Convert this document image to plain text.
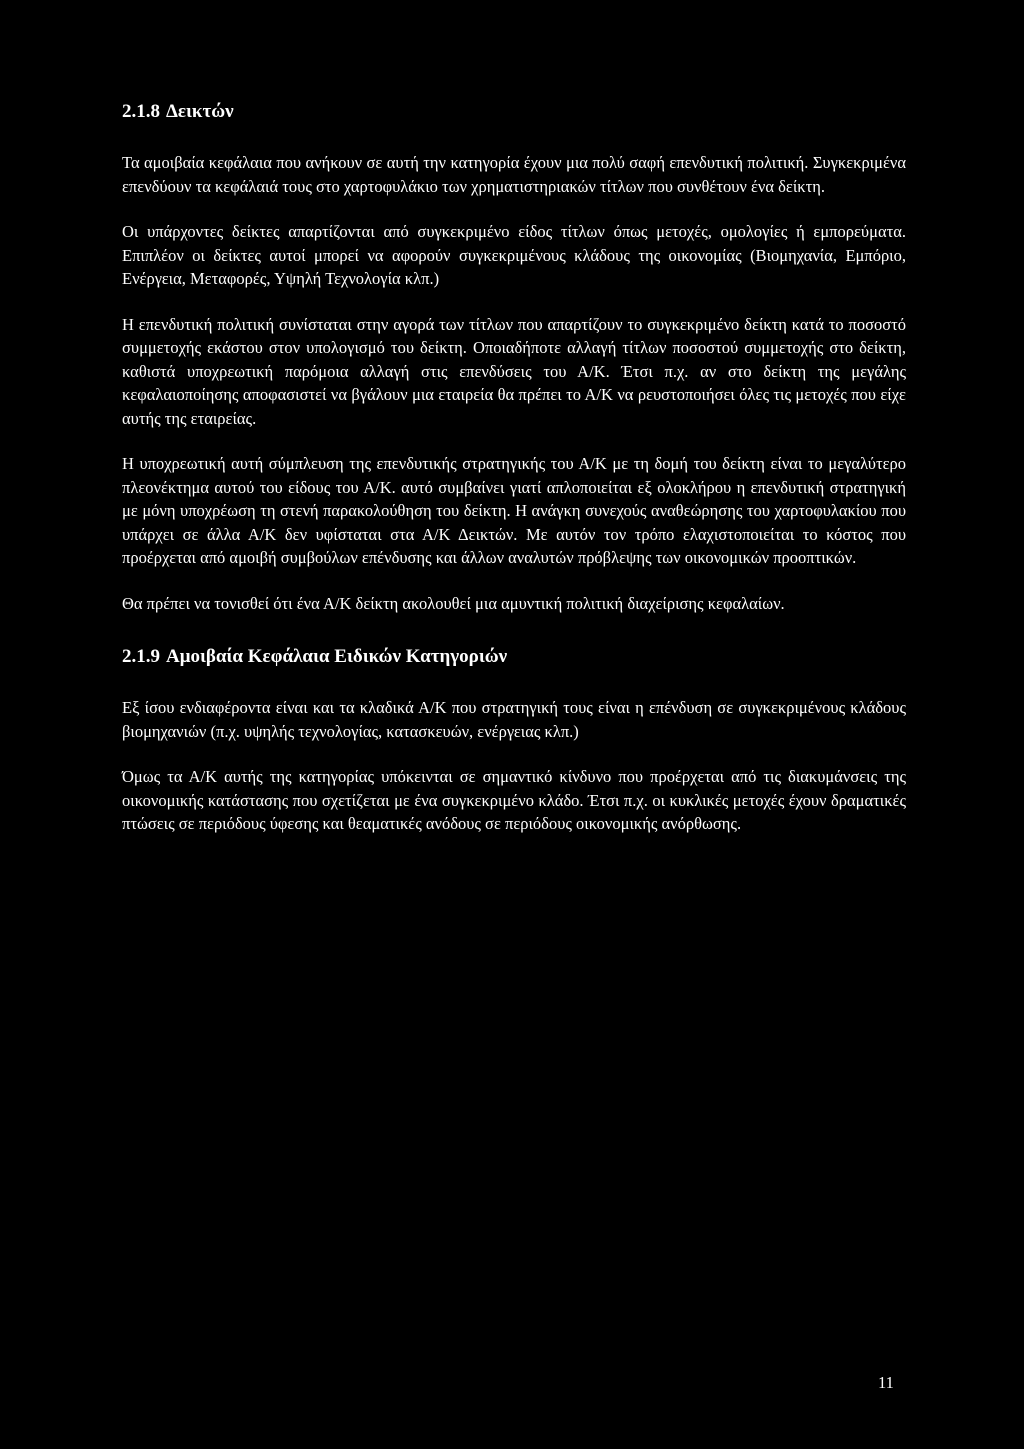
2.1.8 Δεικτών

Τα αμοιβαία κεφάλαια που ανήκουν σε αυτή την κατηγορία έχουν μια πολύ σαφή επενδυτική πολιτική. Συγκεκριμένα επενδύουν τα κεφάλαιά τους στο χαρτοφυλάκιο των χρηματιστηριακών τίτλων που συνθέτουν ένα δείκτη.

Οι υπάρχοντες δείκτες απαρτίζονται από συγκεκριμένο είδος τίτλων όπως μετοχές, ομολογίες ή εμπορεύματα. Επιπλέον οι δείκτες αυτοί μπορεί να αφορούν συγκεκριμένους κλάδους της οικονομίας (Βιομηχανία, Εμπόριο, Ενέργεια, Μεταφορές, Υψηλή Τεχνολογία κλπ.)

Η επενδυτική πολιτική συνίσταται στην αγορά των τίτλων που απαρτίζουν το συγκεκριμένο δείκτη κατά το ποσοστό συμμετοχής εκάστου στον υπολογισμό του δείκτη. Οποιαδήποτε αλλαγή τίτλων ποσοστού συμμετοχής στο δείκτη, καθιστά υποχρεωτική παρόμοια αλλαγή στις επενδύσεις του Α/Κ. Έτσι π.χ. αν στο δείκτη της μεγάλης κεφαλαιοποίησης αποφασιστεί να βγάλουν μια εταιρεία θα πρέπει το Α/Κ να ρευστοποιήσει όλες τις μετοχές που είχε αυτής της εταιρείας.

Η υποχρεωτική αυτή σύμπλευση της επενδυτικής στρατηγικής του Α/Κ με τη δομή του δείκτη είναι το μεγαλύτερο πλεονέκτημα αυτού του είδους του Α/Κ. αυτό συμβαίνει γιατί απλοποιείται εξ ολοκλήρου η επενδυτική στρατηγική με μόνη υποχρέωση τη στενή παρακολούθηση του δείκτη. Η ανάγκη συνεχούς αναθεώρησης του χαρτοφυλακίου που υπάρχει σε άλλα Α/Κ δεν υφίσταται στα Α/Κ Δεικτών. Με αυτόν τον τρόπο ελαχιστοποιείται το κόστος που προέρχεται από αμοιβή συμβούλων επένδυσης και άλλων αναλυτών πρόβλεψης των οικονομικών προοπτικών.

Θα πρέπει να τονισθεί ότι ένα Α/Κ δείκτη ακολουθεί μια αμυντική πολιτική διαχείρισης κεφαλαίων.

2.1.9 Αμοιβαία Κεφάλαια Ειδικών Κατηγοριών

Εξ ίσου ενδιαφέροντα είναι και τα κλαδικά Α/Κ που στρατηγική τους είναι η επένδυση σε συγκεκριμένους κλάδους βιομηχανιών (π.χ. υψηλής τεχνολογίας, κατασκευών, ενέργειας κλπ.)

Όμως τα Α/Κ αυτής της κατηγορίας υπόκεινται σε σημαντικό κίνδυνο που προέρχεται από τις διακυμάνσεις της οικονομικής κατάστασης που σχετίζεται με ένα συγκεκριμένο κλάδο. Έτσι π.χ. οι κυκλικές μετοχές έχουν δραματικές πτώσεις σε περιόδους ύφεσης και θεαματικές ανόδους σε περιόδους οικονομικής ανόρθωσης.

11
